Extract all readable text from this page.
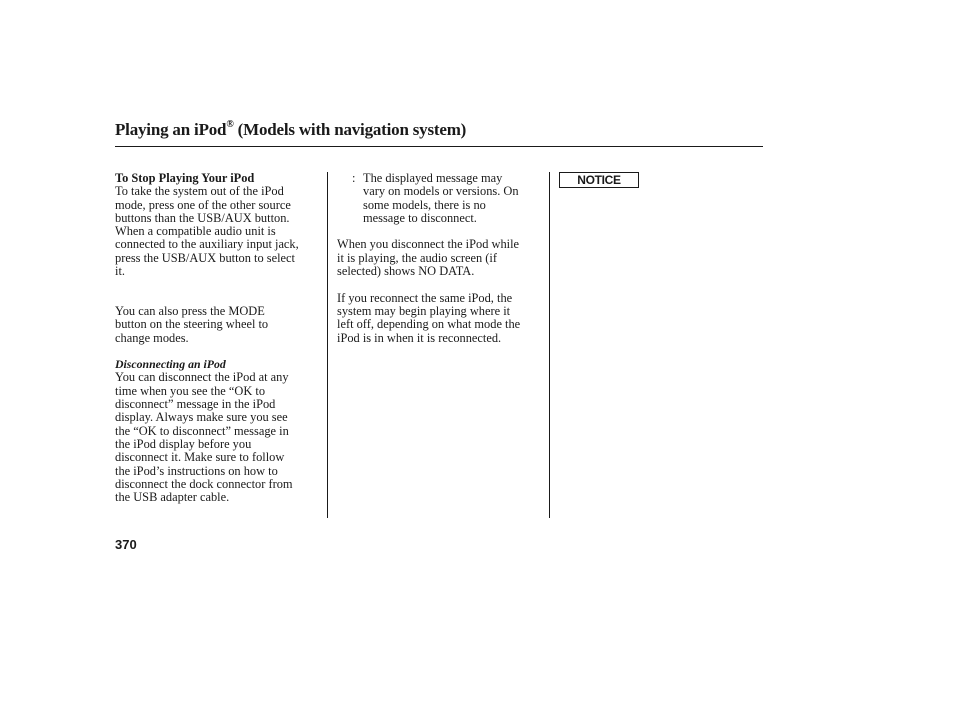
Playing an iPod® (Models with navigation system)
To Stop Playing Your iPod
To take the system out of the iPod
mode, press one of the other source
buttons than the USB/AUX button.
When a compatible audio unit is
connected to the auxiliary input jack,
press the USB/AUX button to select
it.
You can also press the MODE
button on the steering wheel to
change modes.
Disconnecting an iPod
You can disconnect the iPod at any
time when you see the “OK to
disconnect” message in the iPod
display. Always make sure you see
the “OK to disconnect” message in
the iPod display before you
disconnect it. Make sure to follow
the iPod’s instructions on how to
disconnect the dock connector from
the USB adapter cable.
: The displayed message may
vary on models or versions. On
some models, there is no
message to disconnect.
When you disconnect the iPod while
it is playing, the audio screen (if
selected) shows NO DATA.
If you reconnect the same iPod, the
system may begin playing where it
left off, depending on what mode the
iPod is in when it is reconnected.
NOTICE
370
